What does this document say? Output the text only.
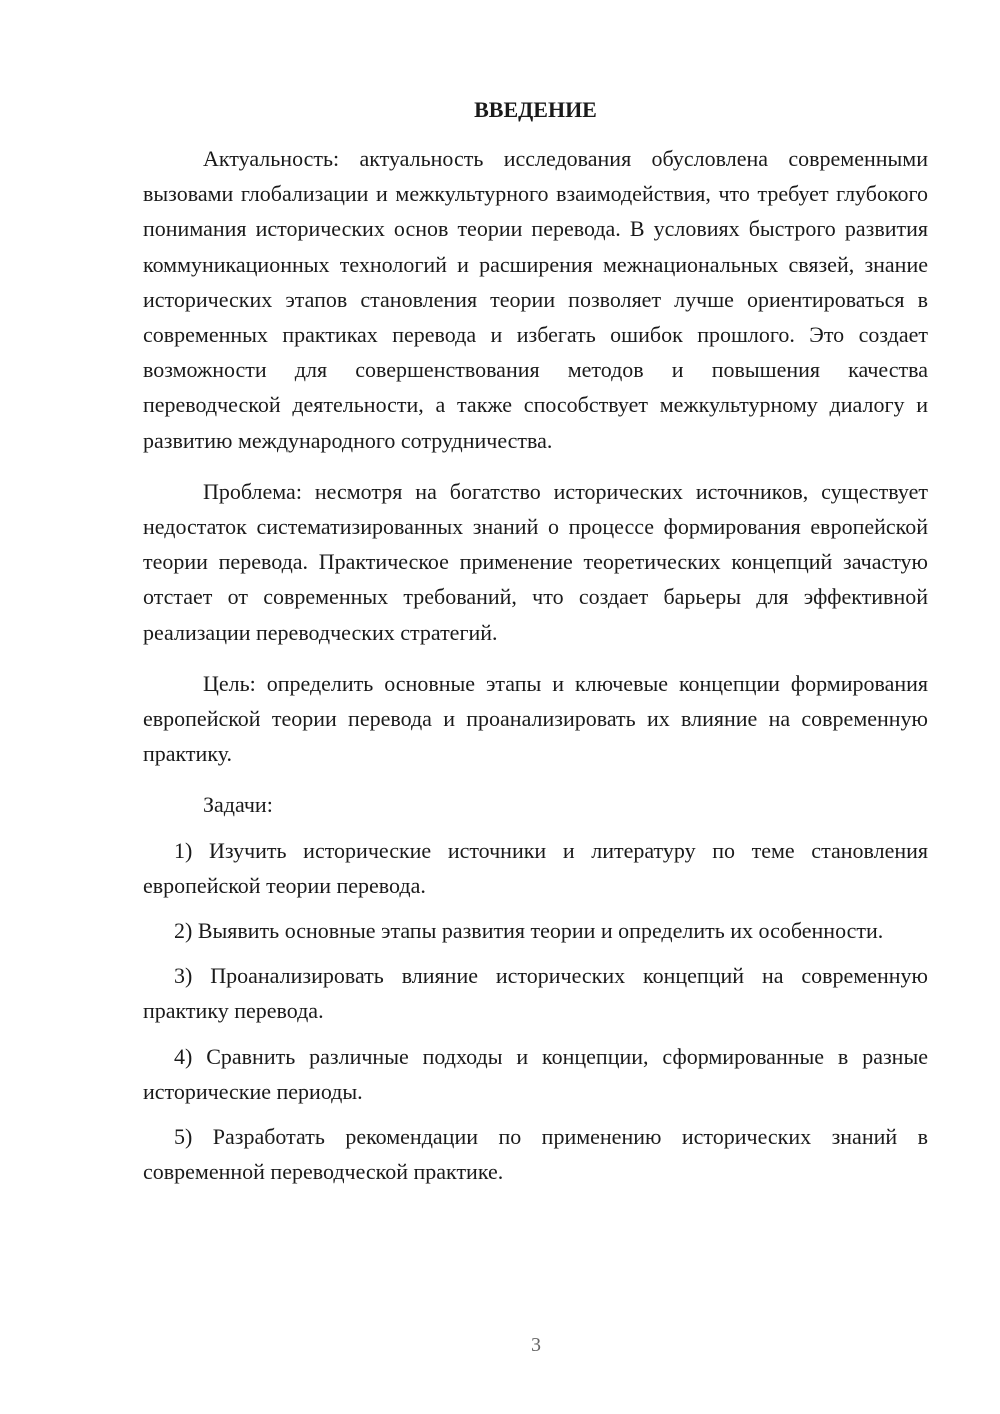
ВВЕДЕНИЕ

Актуальность: актуальность исследования обусловлена современными вызовами глобализации и межкультурного взаимодействия, что требует глубокого понимания исторических основ теории перевода. В условиях быстрого развития коммуникационных технологий и расширения межнациональных связей, знание исторических этапов становления теории позволяет лучше ориентироваться в современных практиках перевода и избегать ошибок прошлого. Это создает возможности для совершенствования методов и повышения качества переводческой деятельности, а также способствует межкультурному диалогу и развитию международного сотрудничества.

Проблема: несмотря на богатство исторических источников, существует недостаток систематизированных знаний о процессе формирования европейской теории перевода. Практическое применение теоретических концепций зачастую отстает от современных требований, что создает барьеры для эффективной реализации переводческих стратегий.

Цель: определить основные этапы и ключевые концепции формирования европейской теории перевода и проанализировать их влияние на современную практику.

Задачи:

1) Изучить исторические источники и литературу по теме становления европейской теории перевода.

2) Выявить основные этапы развития теории и определить их особенности.

3) Проанализировать влияние исторических концепций на современную практику перевода.

4) Сравнить различные подходы и концепции, сформированные в разные исторические периоды.

5) Разработать рекомендации по применению исторических знаний в современной переводческой практике.

3
